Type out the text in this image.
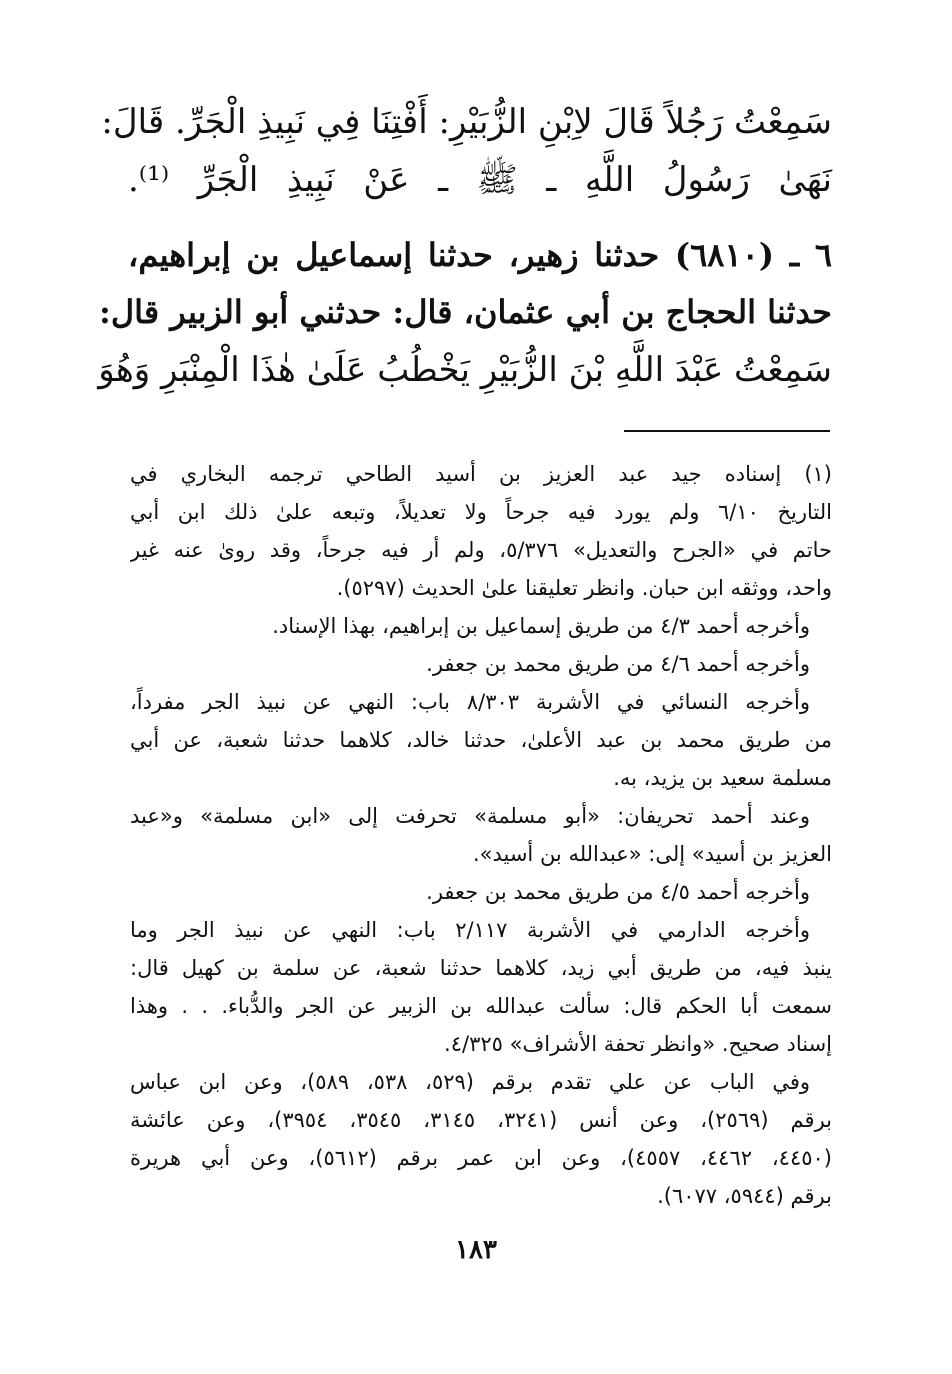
سَمِعْتُ رَجُلاً قَالَ لاِبْنِ الزُّبَيْرِ: أَفْتِنَا فِي نَبِيذِ الْجَرِّ. قَالَ:
نَهَىٰ رَسُولُ اللَّهِ ـ ﷺ ـ عَنْ نَبِيذِ الْجَرِّ ⁽¹⁾.
٦ ـ (٦٨١٠) حدثنا زهير، حدثنا إسماعيل بن إبراهيم،
حدثنا الحجاج بن أبي عثمان، قال: حدثني أبو الزبير قال:
سَمِعْتُ عَبْدَ اللَّهِ بْنَ الزُّبَيْرِ يَخْطُبُ عَلَىٰ هٰذَا الْمِنْبَرِ وَهُوَ
(١) إسناده جيد عبد العزيز بن أسيد الطاحي ترجمه البخاري في
التاريخ ٦/١٠ ولم يورد فيه جرحاً ولا تعديلاً، وتبعه علىٰ ذلك ابن أبي
حاتم في «الجرح والتعديل» ٥/٣٧٦، ولم أر فيه جرحاً، وقد روىٰ عنه غير
واحد، ووثقه ابن حبان. وانظر تعليقنا علىٰ الحديث (٥٢٩٧).
وأخرجه أحمد ٤/٣ من طريق إسماعيل بن إبراهيم، بهذا الإسناد.
وأخرجه أحمد ٤/٦ من طريق محمد بن جعفر.
وأخرجه النسائي في الأشربة ٨/٣٠٣ باب: النهي عن نبيذ الجر مفرداً،
من طريق محمد بن عبد الأعلىٰ، حدثنا خالد، كلاهما حدثنا شعبة، عن أبي
مسلمة سعيد بن يزيد، به.
وعند أحمد تحريفان: «أبو مسلمة» تحرفت إلى «ابن مسلمة» و«عبد
العزيز بن أسيد» إلى: «عبدالله بن أسيد».
وأخرجه أحمد ٤/٥ من طريق محمد بن جعفر.
وأخرجه الدارمي في الأشربة ٢/١١٧ باب: النهي عن نبيذ الجر وما
ينبذ فيه، من طريق أبي زيد، كلاهما حدثنا شعبة، عن سلمة بن كهيل قال:
سمعت أبا الحكم قال: سألت عبدالله بن الزبير عن الجر والدُّباء. . . وهذا
إسناد صحيح. «وانظر تحفة الأشراف» ٤/٣٢٥.
وفي الباب عن علي تقدم برقم (٥٢٩، ٥٣٨، ٥٨٩)، وعن ابن عباس
برقم (٢٥٦٩)، وعن أنس (٣٢٤١، ٣١٤٥، ٣٥٤٥، ٣٩٥٤)، وعن عائشة
(٤٤٥٠، ٤٤٦٢، ٤٥٥٧)، وعن ابن عمر برقم (٥٦١٢)، وعن أبي هريرة
برقم (٥٩٤٤، ٦٠٧٧).
١٨٣
